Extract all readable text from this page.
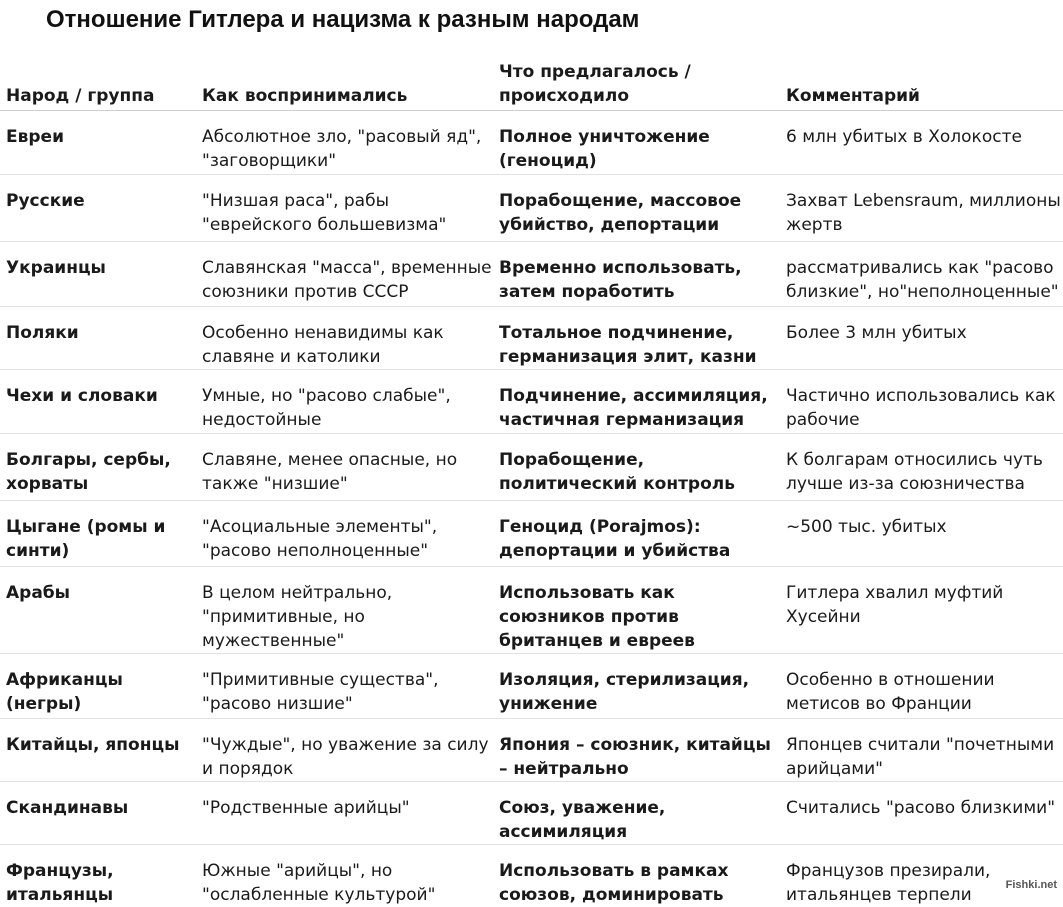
Отношение Гитлера и нацизма к разным народам
Народ / группа	Как воспринимались	Что предлагалось / происходило	Комментарий
Евреи	Абсолютное зло, "расовый яд", "заговорщики"	Полное уничтожение (геноцид)	6 млн убитых в Холокосте
Русские	"Низшая раса", рабы "еврейского большевизма"	Порабощение, массовое убийство, депортации	Захват Lebensraum, миллионы жертв
Украинцы	Славянская "масса", временные союзники против СССР	Временно использовать, затем поработить	рассматривались как "расово близкие", но"неполноценные"
Поляки	Особенно ненавидимы как славяне и католики	Тотальное подчинение, германизация элит, казни	Более 3 млн убитых
Чехи и словаки	Умные, но "расово слабые", недостойные	Подчинение, ассимиляция, частичная германизация	Частично использовались как рабочие
Болгары, сербы, хорваты	Славяне, менее опасные, но также "низшие"	Порабощение, политический контроль	К болгарам относились чуть лучше из-за союзничества
Цыгане (ромы и синти)	"Асоциальные элементы", "расово неполноценные"	Геноцид (Porajmos): депортации и убийства	~500 тыс. убитых
Арабы	В целом нейтрально, "примитивные, но мужественные"	Использовать как союзников против британцев и евреев	Гитлера хвалил муфтий Хусейни
Африканцы (негры)	"Примитивные существа", "расово низшие"	Изоляция, стерилизация, унижение	Особенно в отношении метисов во Франции
Китайцы, японцы	"Чуждые", но уважение за силу и порядок	Япония – союзник, китайцы – нейтрально	Японцев считали "почетными арийцами"
Скандинавы	"Родственные арийцы"	Союз, уважение, ассимиляция	Считались "расово близкими"
Французы, итальянцы	Южные "арийцы", но "ослабленные культурой"	Использовать в рамках союзов, доминировать	Французов презирали, итальянцев терпели	Fishki.net
